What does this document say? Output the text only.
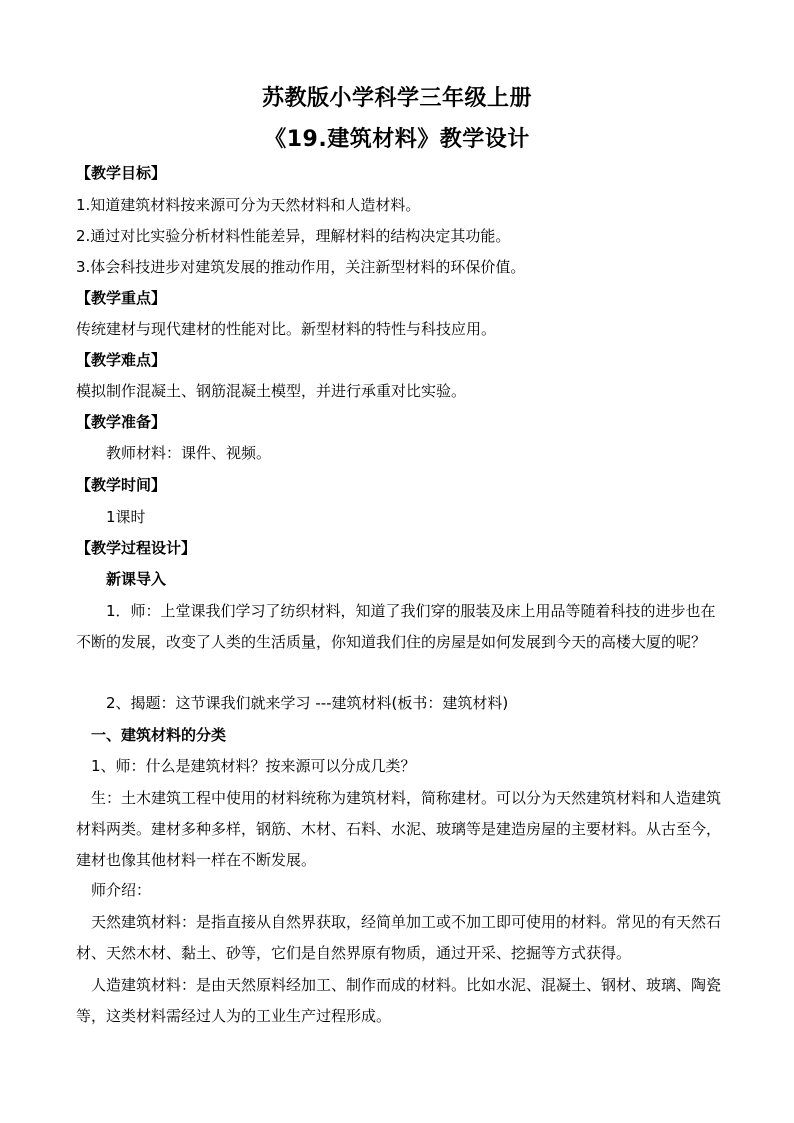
苏教版小学科学三年级上册
《19.建筑材料》教学设计
【教学目标】
1.知道建筑材料按来源可分为天然材料和人造材料。
2.通过对比实验分析材料性能差异，理解材料的结构决定其功能。
3.体会科技进步对建筑发展的推动作用，关注新型材料的环保价值。
【教学重点】
传统建材与现代建材的性能对比。新型材料的特性与科技应用。
【教学难点】
模拟制作混凝土、钢筋混凝土模型，并进行承重对比实验。
【教学准备】
教师材料：课件、视频。
【教学时间】
1课时
【教学过程设计】
新课导入
1．师：上堂课我们学习了纺织材料，知道了我们穿的服装及床上用品等随着科技的进步也在不断的发展，改变了人类的生活质量，你知道我们住的房屋是如何发展到今天的高楼大厦的呢？
2、揭题：这节课我们就来学习 ---建筑材料(板书：建筑材料)
一、建筑材料的分类
1、师：什么是建筑材料？按来源可以分成几类？
生：土木建筑工程中使用的材料统称为建筑材料，简称建材。可以分为天然建筑材料和人造建筑材料两类。建材多种多样，钢筋、木材、石料、水泥、玻璃等是建造房屋的主要材料。从古至今，建材也像其他材料一样在不断发展。
师介绍：
天然建筑材料：是指直接从自然界获取，经简单加工或不加工即可使用的材料。常见的有天然石材、天然木材、黏土、砂等，它们是自然界原有物质，通过开采、挖掘等方式获得。
人造建筑材料：是由天然原料经加工、制作而成的材料。比如水泥、混凝土、钢材、玻璃、陶瓷等，这类材料需经过人为的工业生产过程形成。
